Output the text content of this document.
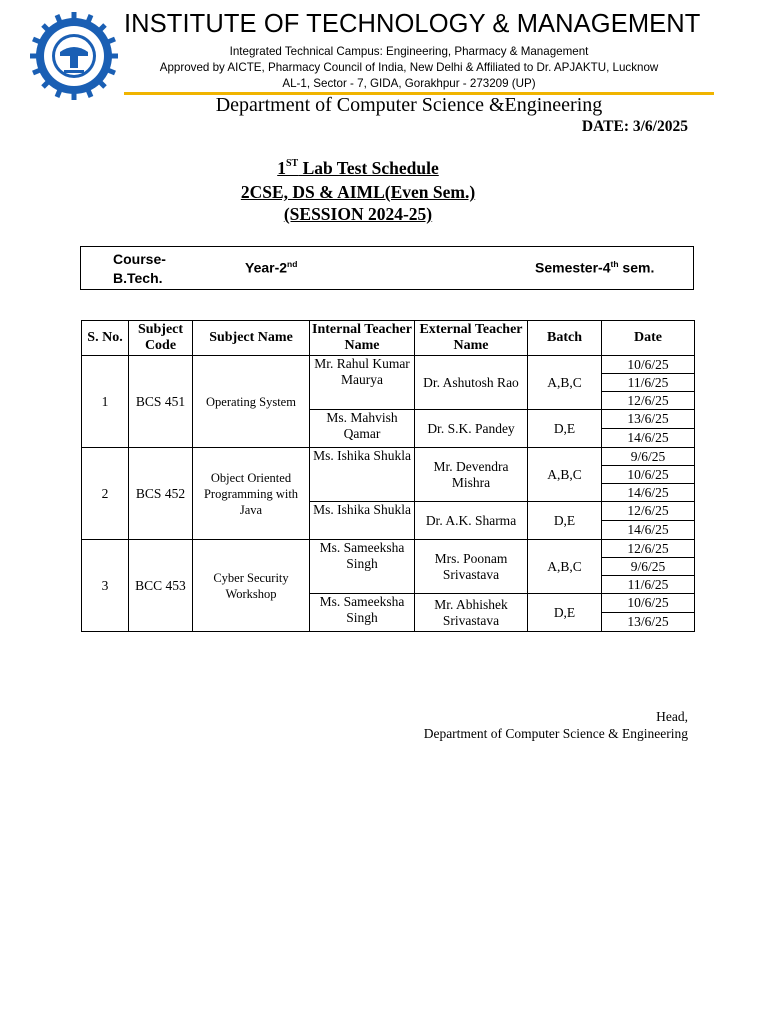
INSTITUTE OF TECHNOLOGY & MANAGEMENT
Integrated Technical Campus: Engineering, Pharmacy & Management
Approved by AICTE, Pharmacy Council of India, New Delhi & Affiliated to Dr. APJAKTU, Lucknow
AL-1, Sector - 7, GIDA, Gorakhpur - 273209 (UP)
Department of Computer Science &Engineering
DATE: 3/6/2025
1ST Lab Test Schedule
2CSE, DS & AIML(Even Sem.)
(SESSION 2024-25)
Course-
B.Tech.
Year-2nd	Semester-4th sem.
S. No.	Subject Code	Subject Name	Internal Teacher Name	External Teacher Name	Batch	Date
1	BCS 451	Operating System	Mr. Rahul Kumar Maurya	Dr. Ashutosh Rao	A,B,C	10/6/25
						11/6/25
						12/6/25
			Ms. Mahvish Qamar	Dr. S.K. Pandey	D,E	13/6/25
						14/6/25
2	BCS 452	Object Oriented Programming with Java	Ms. Ishika Shukla	Mr. Devendra Mishra	A,B,C	9/6/25
						10/6/25
						14/6/25
			Ms. Ishika Shukla	Dr. A.K. Sharma	D,E	12/6/25
						14/6/25
3	BCC 453	Cyber Security Workshop	Ms. Sameeksha Singh	Mrs. Poonam Srivastava	A,B,C	12/6/25
						9/6/25
						11/6/25
			Ms. Sameeksha Singh	Mr. Abhishek Srivastava	D,E	10/6/25
						13/6/25
Head,
Department of Computer Science & Engineering
